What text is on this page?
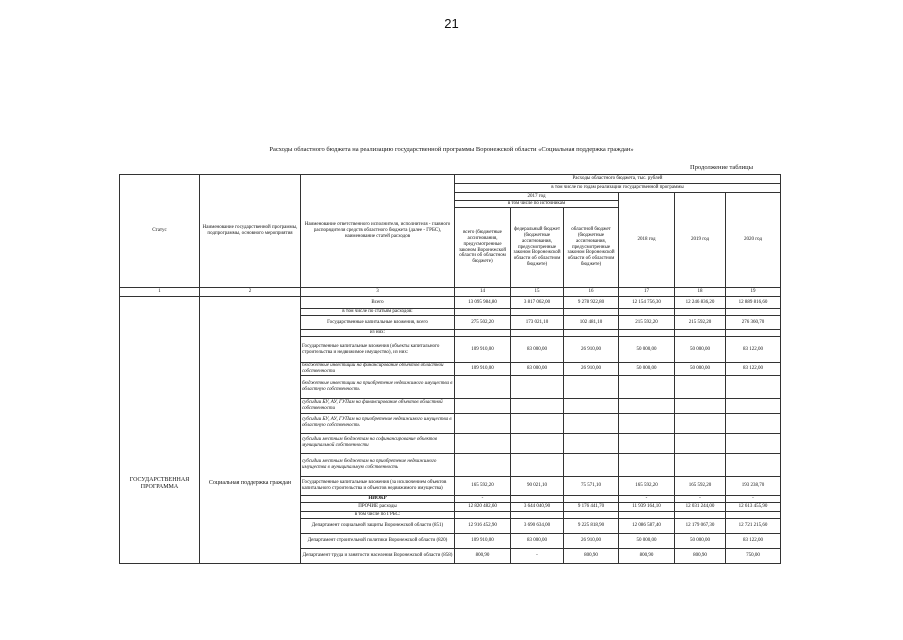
21
Расходы областного бюджета на реализацию государственной программы Воронежской области «Социальная поддержка граждан»
Продолжение таблицы
Статус	Наименование государственной программы, подпрограммы, основного мероприятия	Наименование ответственного исполнителя, исполнителя - главного распорядителя средств областного бюджета (далее - ГРБС), наименование статей расходов	Расходы областного бюджета, тыс. рублей					
			в том числе по годам реализации государственной программы					
			2017 год			2018 год	2019 год	2020 год
			в том числе по источникам					
			всего (бюджетные ассигнования, предусмотренные законом Воронежской области об областном бюджете)	федеральный бюджет (бюджетные ассигнования, предусмотренные законом Воронежской области об областном бюджете)	областной бюджет (бюджетные ассигнования, предусмотренные законом Воронежской области об областном бюджете)			
1	2	3	14	15	16	17	18	19
ГОСУДАРСТВЕННАЯ ПРОГРАММА	Социальная поддержка граждан	Всего	13 095 984,80	3 817 062,00	9 278 922,80	12 154 756,30	12 246 836,20	12 889 816,60
		в том числе по статьям расходов:						
		Государственные капитальные вложения, всего	275 502,20	173 021,10	102 481,10	215 592,20	215 592,20	276 360,70
		из них:						
		Государственные капитальные вложения (объекты капитального строительства и недвижимое имущество), из них:	109 910,00	83 000,00	26 910,00	50 000,00	50 000,00	83 122,00
		бюджетные инвестиции на финансирование объектов областной собственности	109 910,00	83 000,00	26 910,00	50 000,00	50 000,00	83 122,00
		бюджетные инвестиции на приобретение недвижимого имущества в областную собственность						
		субсидии БУ, АУ, ГУПам на финансирование объектов областной собственности						
		субсидии БУ, АУ, ГУПам на приобретение недвижимого имущества в областную собственность						
		субсидии местным бюджетам на софинансирование объектов муниципальной собственности						
		субсидии местным бюджетам на приобретение недвижимого имущества в муниципальную собственность						
		Государственные капитальные вложения (за исключением объектов капитального строительства и объектов недвижимого имущества)	165 592,20	90 021,10	75 571,10	165 592,20	165 592,20	193 238,70
		НИОКР	-			-	-	-
		ПРОЧИЕ расходы	12 820 482,60	3 644 040,90	9 176 441,70	11 939 164,10	12 031 244,00	12 613 455,90
		в том числе по ГРБС:						
		Департамент социальной защиты Воронежской области (851)	12 916 452,90	3 690 634,00	9 225 818,90	12 086 587,40	12 179 067,30	12 721 215,60
		Департамент строительной политики Воронежской области (820)	109 910,00	83 000,00	26 910,00	50 000,00	50 000,00	83 122,00
		Департамент труда и занятости населения Воронежской области (858)	800,90	-	800,90	800,90	800,90	750,00
